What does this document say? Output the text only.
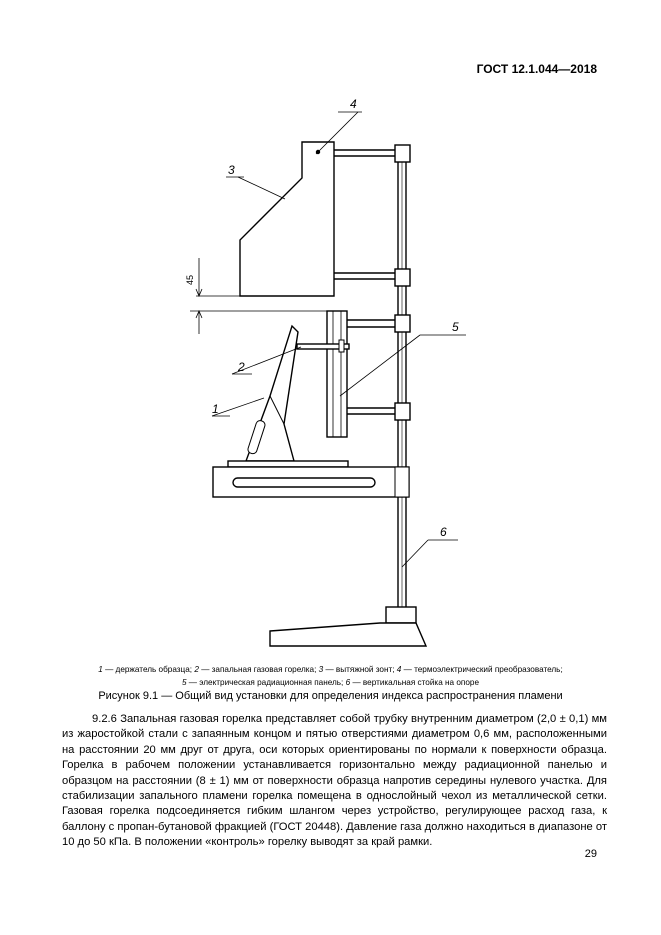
ГОСТ 12.1.044—2018
4
3
2
1
5
6
45
1 — держатель образца; 2 — запальная газовая горелка; 3 — вытяжной зонт; 4 — термоэлектрический преобразователь;
5 — электрическая радиационная панель; 6 — вертикальная стойка на опоре
Рисунок 9.1 — Общий вид установки для определения индекса распространения пламени

9.2.6 Запальная газовая горелка представляет собой трубку внутренним диаметром (2,0 ± 0,1) мм из жаростойкой стали с запаянным концом и пятью отверстиями диаметром 0,6 мм, расположенными на расстоянии 20 мм друг от друга, оси которых ориентированы по нормали к поверхности образца. Горелка в рабочем положении устанавливается горизонтально между радиационной панелью и образцом на расстоянии (8 ± 1) мм от поверхности образца напротив середины нулевого участка. Для стабилизации запального пламени горелка помещена в однослойный чехол из металлической сетки. Газовая горелка подсоединяется гибким шлангом через устройство, регулирующее расход газа, к баллону с пропан-бутановой фракцией (ГОСТ 20448). Давление газа должно находиться в диапазоне от 10 до 50 кПа. В положении «контроль» горелку выводят за край рамки.

29
